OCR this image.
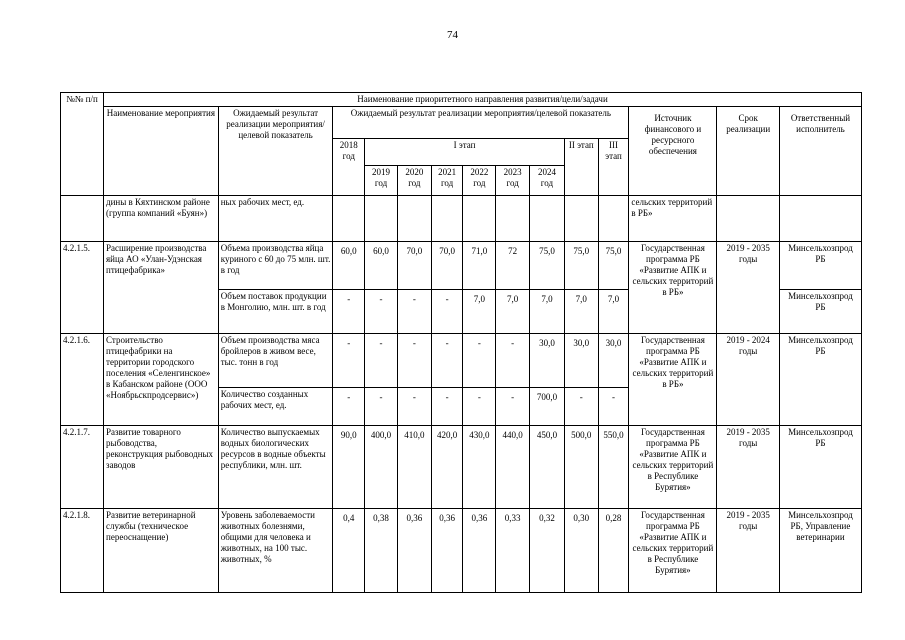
74
№№ п/п	Наименование приоритетного направления развития/цели/задачи													
	Наименование мероприятия	Ожидаемый результат реализации мероприятия/целевой показатель	Ожидаемый результат реализации мероприятия/целевой показатель									Источник финансового и ресурсного обеспечения	Срок реализации	Ответственный исполнитель
			2018 год	I этап						II этап	III этап			
				2019 год	2020 год	2021 год	2022 год	2023 год	2024 год					
	дины в Кяхтинском районе (группа компаний «Буян»)	ных рабочих мест, ед.										сельских территорий в РБ»		
4.2.1.5.	Расширение производства яйца АО «Улан-Удэнская птицефабрика»	Объема производства яйца куриного с 60 до 75 млн. шт. в год	60,0	60,0	70,0	70,0	71,0	72	75,0	75,0	75,0	Государственная программа РБ «Развитие АПК и сельских территорий в РБ»	2019 - 2035 годы	Минсельхозпрод РБ
		Объем поставок продукции в Монголию, млн. шт. в год	-	-	-	-	7,0	7,0	7,0	7,0	7,0			Минсельхозпрод РБ
4.2.1.6.	Строительство птицефабрики на территории городского поселения «Селенгинское» в Кабанском районе (ООО «Ноябрьскпродсервис»)	Объем производства мяса бройлеров в живом весе, тыс. тонн в год	-	-	-	-	-	-	30,0	30,0	30,0	Государственная программа РБ «Развитие АПК и сельских территорий в РБ»	2019 - 2024 годы	Минсельхозпрод РБ
		Количество созданных рабочих мест, ед.	-	-	-	-	-	-	700,0	-	-			
4.2.1.7.	Развитие товарного рыбоводства, реконструкция рыбоводных заводов	Количество выпускаемых водных биологических ресурсов в водные объекты республики, млн. шт.	90,0	400,0	410,0	420,0	430,0	440,0	450,0	500,0	550,0	Государственная программа РБ «Развитие АПК и сельских территорий в Республике Бурятия»	2019 - 2035 годы	Минсельхозпрод РБ
4.2.1.8.	Развитие ветеринарной службы (техническое переоснащение)	Уровень заболеваемости животных болезнями, общими для человека и животных, на 100 тыс. животных, %	0,4	0,38	0,36	0,36	0,36	0,33	0,32	0,30	0,28	Государственная программа РБ «Развитие АПК и сельских территорий в Республике Бурятия»	2019 - 2035 годы	Минсельхозпрод РБ, Управление ветеринарии
